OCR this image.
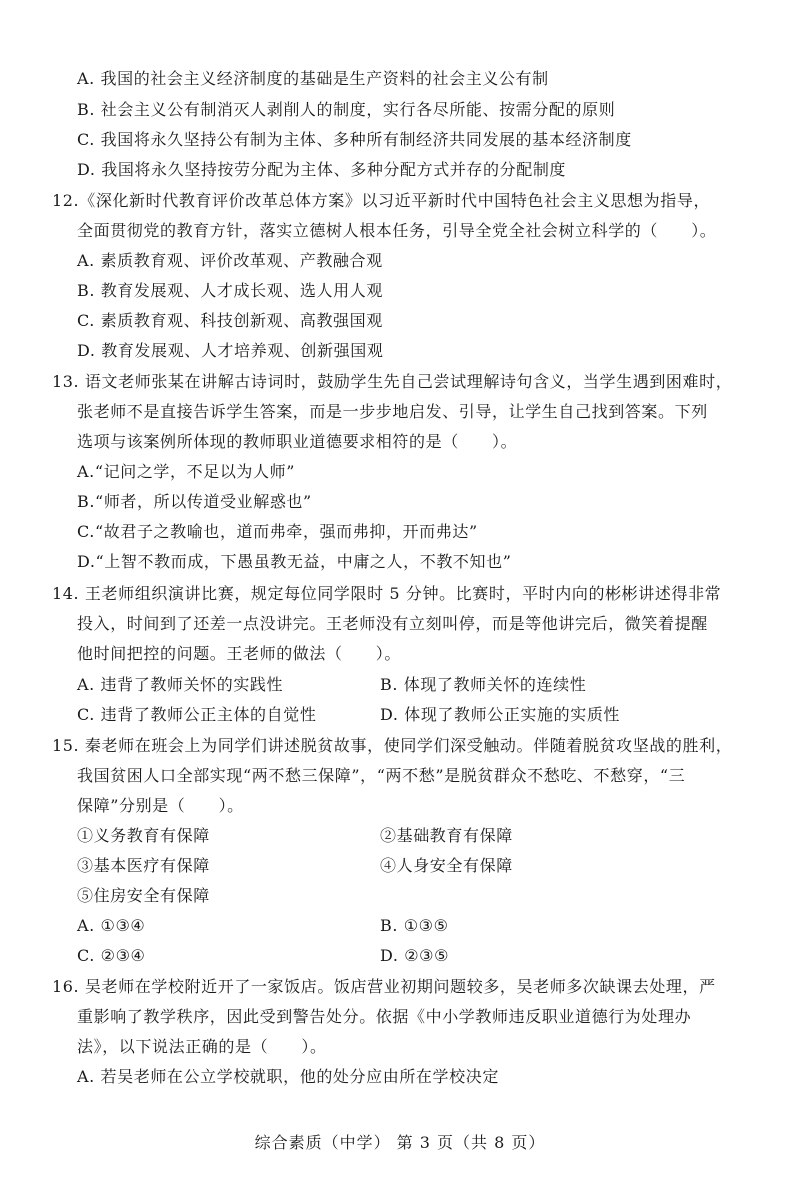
A. 我国的社会主义经济制度的基础是生产资料的社会主义公有制
B. 社会主义公有制消灭人剥削人的制度，实行各尽所能、按需分配的原则
C. 我国将永久坚持公有制为主体、多种所有制经济共同发展的基本经济制度
D. 我国将永久坚持按劳分配为主体、多种分配方式并存的分配制度
12.《深化新时代教育评价改革总体方案》以习近平新时代中国特色社会主义思想为指导，
全面贯彻党的教育方针，落实立德树人根本任务，引导全党全社会树立科学的（　　）。
A. 素质教育观、评价改革观、产教融合观
B. 教育发展观、人才成长观、选人用人观
C. 素质教育观、科技创新观、高教强国观
D. 教育发展观、人才培养观、创新强国观
13. 语文老师张某在讲解古诗词时，鼓励学生先自己尝试理解诗句含义，当学生遇到困难时，
张老师不是直接告诉学生答案，而是一步步地启发、引导，让学生自己找到答案。下列
选项与该案例所体现的教师职业道德要求相符的是（　　）。
A.“记问之学，不足以为人师”
B.“师者，所以传道受业解惑也”
C.“故君子之教喻也，道而弗牵，强而弗抑，开而弗达”
D.“上智不教而成，下愚虽教无益，中庸之人，不教不知也”
14. 王老师组织演讲比赛，规定每位同学限时 5 分钟。比赛时，平时内向的彬彬讲述得非常
投入，时间到了还差一点没讲完。王老师没有立刻叫停，而是等他讲完后，微笑着提醒
他时间把控的问题。王老师的做法（　　）。
A. 违背了教师关怀的实践性	B. 体现了教师关怀的连续性
C. 违背了教师公正主体的自觉性	D. 体现了教师公正实施的实质性
15. 秦老师在班会上为同学们讲述脱贫故事，使同学们深受触动。伴随着脱贫攻坚战的胜利，
我国贫困人口全部实现“两不愁三保障”，“两不愁”是脱贫群众不愁吃、不愁穿，“三
保障”分别是（　　）。
①义务教育有保障	②基础教育有保障
③基本医疗有保障	④人身安全有保障
⑤住房安全有保障
A. ①③④	B. ①③⑤
C. ②③④	D. ②③⑤
16. 吴老师在学校附近开了一家饭店。饭店营业初期问题较多，吴老师多次缺课去处理，严
重影响了教学秩序，因此受到警告处分。依据《中小学教师违反职业道德行为处理办
法》，以下说法正确的是（　　）。
A. 若吴老师在公立学校就职，他的处分应由所在学校决定
综合素质（中学） 第 3 页（共 8 页）
